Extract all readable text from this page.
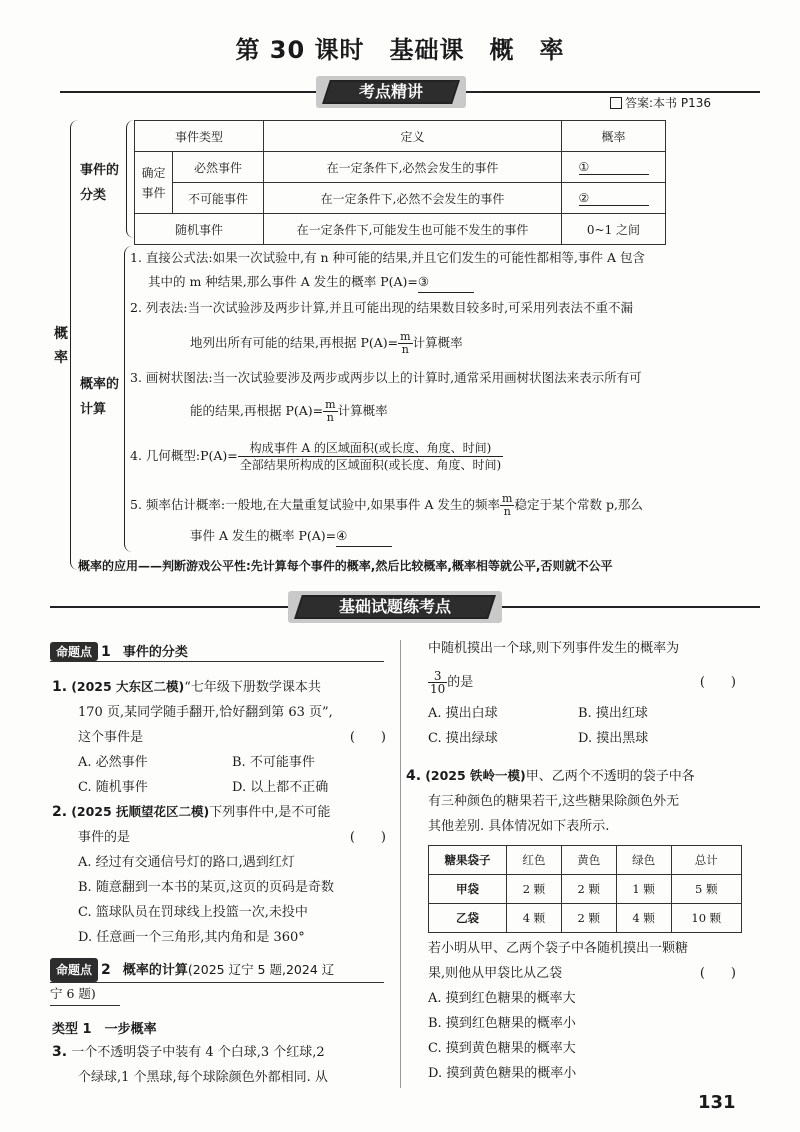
第 30 课时　基础课　概　率
考点精讲
答案:本书 P136
概
率
事件的
分类
事件类型		定义	概率

确定
事件	必然事件	在一定条件下,必然会发生的事件	①
	不可能事件	在一定条件下,必然不会发生的事件	②
随机事件		在一定条件下,可能发生也可能不发生的事件	0~1 之间
概率的
计算
1. 直接公式法:如果一次试验中,有 n 种可能的结果,并且它们发生的可能性都相等,事件 A 包含
其中的 m 种结果,那么事件 A 发生的概率 P(A)=③
2. 列表法:当一次试验涉及两步计算,并且可能出现的结果数目较多时,可采用列表法不重不漏
地列出所有可能的结果,再根据 $P(A)= \frac{m}{n}$ 计算概率
3. 画树状图法:当一次试验要涉及两步或两步以上的计算时,通常采用画树状图法来表示所有可
能的结果,再根据 $P(A)= \frac{m}{n}$ 计算概率
4. 几何概型:P(A)= $\frac{\text{构成事件 A 的区域面积(或长度、角度、时间)}}{\text{全部结果所构成的区域面积(或长度、角度、时间)}}$
5. 频率估计概率:一般地,在大量重复试验中,如果事件 A 发生的频率 $\frac{m}{n}$ 稳定于某个常数 p,那么
事件 A 发生的概率 P(A)=④
概率的应用——判断游戏公平性:先计算每个事件的概率,然后比较概率,概率相等就公平,否则就不公平
基础试题练考点
命题点 1 事件的分类
1. (2025 大东区二模)“七年级下册数学课本共
170 页,某同学随手翻开,恰好翻到第 63 页”,
这个事件是	(　　)
A. 必然事件	B. 不可能事件
C. 随机事件	D. 以上都不正确
2. (2025 抚顺望花区二模)下列事件中,是不可能
事件的是	(　　)
A. 经过有交通信号灯的路口,遇到红灯
B. 随意翻到一本书的某页,这页的页码是奇数
C. 篮球队员在罚球线上投篮一次,未投中
D. 任意画一个三角形,其内角和是 360°
命题点 2 概率的计算(2025 辽宁 5 题,2024 辽
宁 6 题)
类型 1　 一步概率
3. 一个不透明袋子中装有 4 个白球,3 个红球,2
个绿球,1 个黑球,每个球除颜色外都相同. 从
中随机摸出一个球,则下列事件发生的概率为
$\frac{3}{10}$ 的是	(　　)
A. 摸出白球	B. 摸出红球
C. 摸出绿球	D. 摸出黑球
4. (2025 铁岭一模)甲、乙两个不透明的袋子中各
有三种颜色的糖果若干,这些糖果除颜色外无
其他差别. 具体情况如下表所示.
糖果袋子	红色	黄色	绿色	总计
甲袋	2 颗	2 颗	1 颗	5 颗
乙袋	4 颗	2 颗	4 颗	10 颗
若小明从甲、乙两个袋子中各随机摸出一颗糖
果,则他从甲袋比从乙袋	(　　)
A. 摸到红色糖果的概率大
B. 摸到红色糖果的概率小
C. 摸到黄色糖果的概率大
D. 摸到黄色糖果的概率小
131
